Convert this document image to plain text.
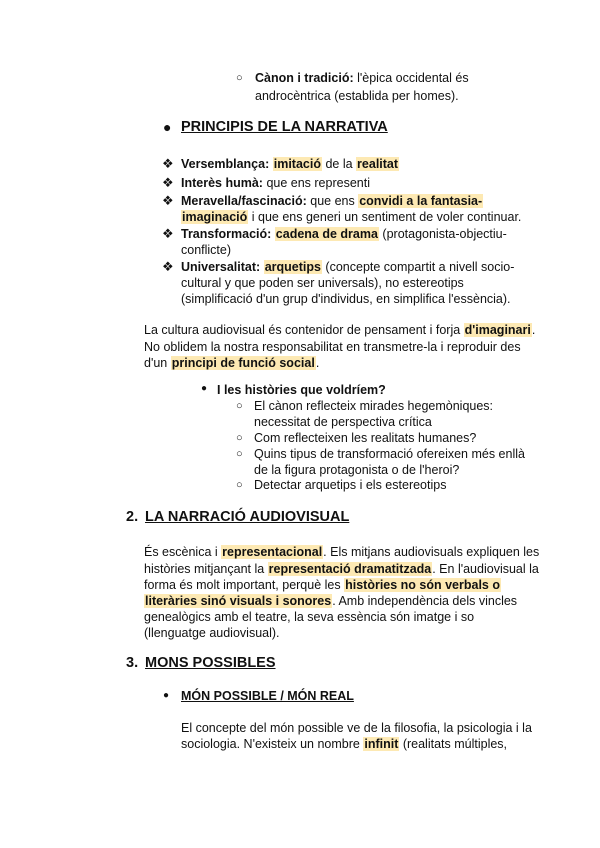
○ Cànon i tradició: l'èpica occidental és
androcèntrica (establida per homes).
● PRINCIPIS DE LA NARRATIVA
❖ Versemblança: imitació de la realitat
❖ Interès humà: que ens representi
❖ Meravella/fascinació: que ens convidi a la fantasia-
imaginació i que ens generi un sentiment de voler continuar.
❖ Transformació: cadena de drama (protagonista-objectiu-
conflicte)
❖ Universalitat: arquetips (concepte compartit a nivell socio-
cultural y que poden ser universals), no estereotips
(simplificació d'un grup d'individus, en simplifica l'essència).
La cultura audiovisual és contenidor de pensament i forja d'imaginari.
No oblidem la nostra responsabilitat en transmetre-la i reproduir des
d'un principi de funció social.
● I les històries que voldríem?
○ El cànon reflecteix mirades hegemòniques:
necessitat de perspectiva crítica
○ Com reflecteixen les realitats humanes?
○ Quins tipus de transformació ofereixen més enllà
de la figura protagonista o de l'heroi?
○ Detectar arquetips i els estereotips
2. LA NARRACIÓ AUDIOVISUAL
És escènica i representacional. Els mitjans audiovisuals expliquen les
històries mitjançant la representació dramatitzada. En l'audiovisual la
forma és molt important, perquè les històries no són verbals o
literàries sinó visuals i sonores. Amb independència dels vincles
genealògics amb el teatre, la seva essència són imatge i so
(llenguatge audiovisual).
3. MONS POSSIBLES
● MÓN POSSIBLE / MÓN REAL
El concepte del món possible ve de la filosofia, la psicologia i la
sociologia. N'existeix un nombre infinit (realitats múltiples,
